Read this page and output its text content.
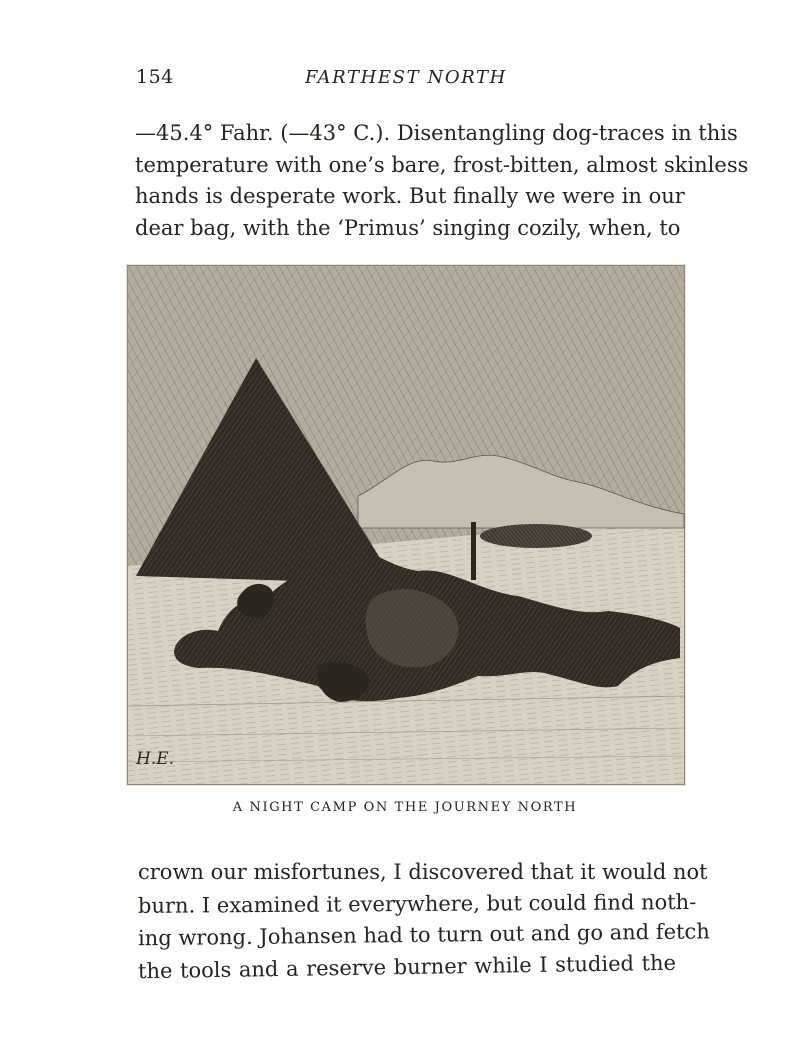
154	FARTHEST NORTH
—45.4° Fahr. (—43° C.). Disentangling dog-traces in this
temperature with one’s bare, frost-bitten, almost skinless
hands is desperate work. But finally we were in our
dear bag, with the ‘Primus’ singing cozily, when, to
H.E.
A NIGHT CAMP ON THE JOURNEY NORTH
crown our misfortunes, I discovered that it would not
burn. I examined it everywhere, but could find noth-
ing wrong. Johansen had to turn out and go and fetch
the tools and a reserve burner while I studied the
